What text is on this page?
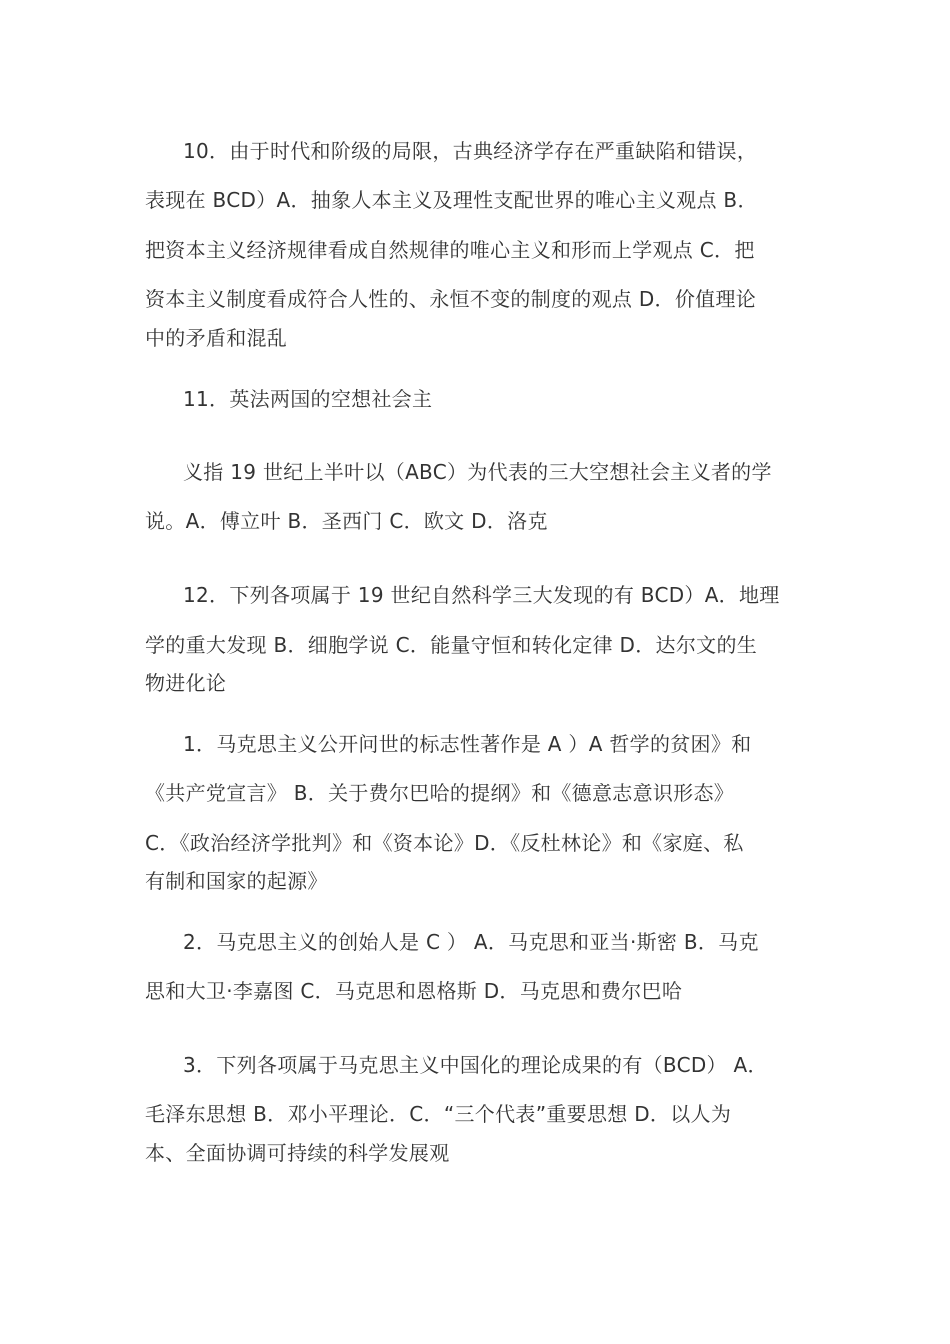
10．由于时代和阶级的局限，古典经济学存在严重缺陷和错误，
表现在 BCD）A．抽象人本主义及理性支配世界的唯心主义观点 B．
把资本主义经济规律看成自然规律的唯心主义和形而上学观点 C．把
资本主义制度看成符合人性的、永恒不变的制度的观点 D．价值理论
中的矛盾和混乱
11．英法两国的空想社会主
义指 19 世纪上半叶以（ABC）为代表的三大空想社会主义者的学
说。A．傅立叶 B．圣西门 C．欧文 D．洛克
12．下列各项属于 19 世纪自然科学三大发现的有 BCD）A．地理
学的重大发现 B．细胞学说 C．能量守恒和转化定律 D．达尔文的生
物进化论
1．马克思主义公开问世的标志性著作是 A ）A 哲学的贫困》和
《共产党宣言》 B．关于费尔巴哈的提纲》和《德意志意识形态》
C．《政治经济学批判》和《资本论》D．《反杜林论》和《家庭、私
有制和国家的起源》
2．马克思主义的创始人是 C ） A．马克思和亚当·斯密 B．马克
思和大卫·李嘉图 C．马克思和恩格斯 D．马克思和费尔巴哈
3．下列各项属于马克思主义中国化的理论成果的有（BCD） A．
毛泽东思想 B．邓小平理论．C．“三个代表”重要思想 D．以人为
本、全面协调可持续的科学发展观
